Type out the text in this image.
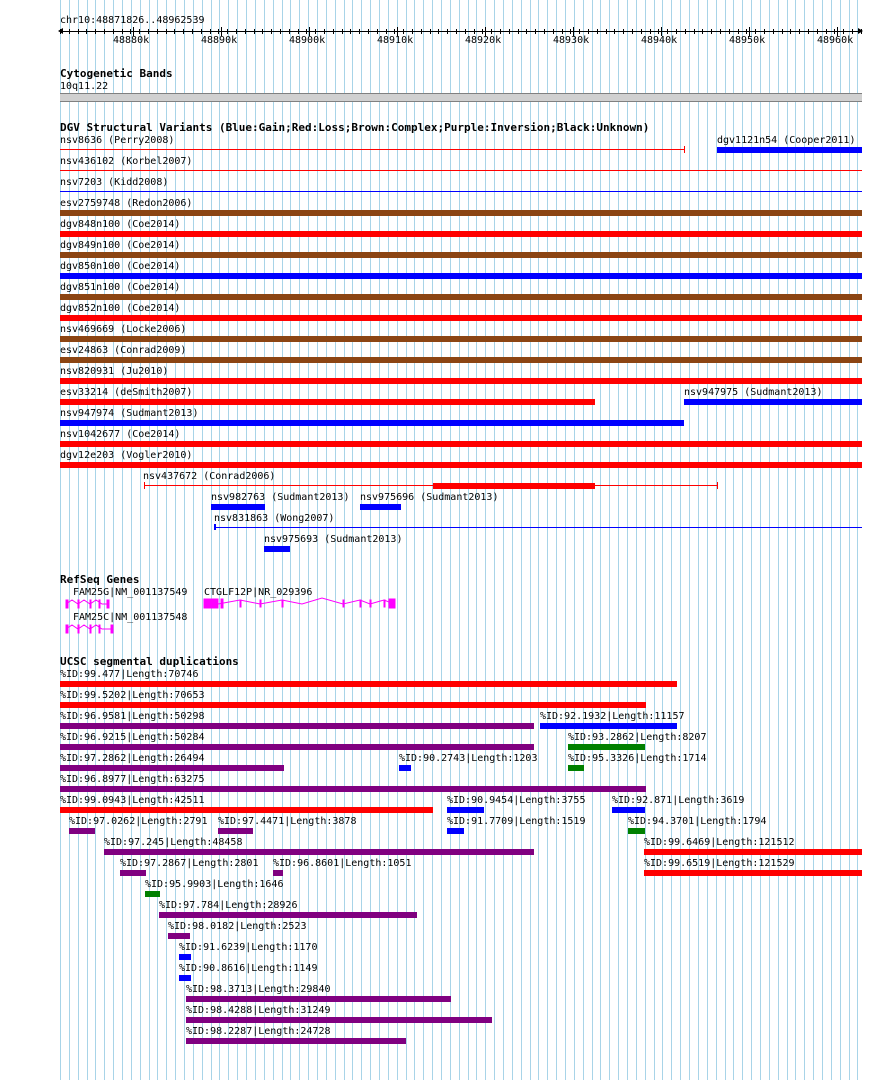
chr10:48871826..48962539
48880k	48890k	48900k	48910k	48920k	48930k	48940k	48950k	48960k
Cytogenetic Bands
10q11.22
DGV Structural Variants (Blue:Gain;Red:Loss;Brown:Complex;Purple:Inversion;Black:Unknown)
nsv8636 (Perry2008)	dgv1121n54 (Cooper2011)
nsv436102 (Korbel2007)
nsv7203 (Kidd2008)
esv2759748 (Redon2006)
dgv848n100 (Coe2014)
dgv849n100 (Coe2014)
dgv850n100 (Coe2014)
dgv851n100 (Coe2014)
dgv852n100 (Coe2014)
nsv469669 (Locke2006)
esv24863 (Conrad2009)
nsv820931 (Ju2010)
esv33214 (deSmith2007)	nsv947975 (Sudmant2013)
nsv947974 (Sudmant2013)
nsv1042677 (Coe2014)
dgv12e203 (Vogler2010)
nsv437672 (Conrad2006)
nsv982763 (Sudmant2013) nsv975696 (Sudmant2013)
nsv831863 (Wong2007)
nsv975693 (Sudmant2013)
RefSeq Genes
FAM25G|NM_001137549
FAM25C|NM_001137548
CTGLF12P|NR_029396
UCSC segmental duplications
%ID:99.477|Length:70746
%ID:99.5202|Length:70653
%ID:96.9581|Length:50298	%ID:92.1932|Length:11157
%ID:96.9215|Length:50284	%ID:93.2862|Length:8207
%ID:97.2862|Length:26494	%ID:90.2743|Length:1203	%ID:95.3326|Length:1714
%ID:96.8977|Length:63275
%ID:99.0943|Length:42511	%ID:90.9454|Length:3755	%ID:92.871|Length:3619
%ID:97.0262|Length:2791 %ID:97.4471|Length:3878	%ID:91.7709|Length:1519	%ID:94.3701|Length:1794
%ID:97.245|Length:48458	%ID:99.6469|Length:121512
%ID:97.2867|Length:2801 %ID:96.8601|Length:1051	%ID:99.6519|Length:121529
%ID:95.9903|Length:1646
%ID:97.784|Length:28926
%ID:98.0182|Length:2523
%ID:91.6239|Length:1170
%ID:90.8616|Length:1149
%ID:98.3713|Length:29840
%ID:98.4288|Length:31249
%ID:98.2287|Length:24728
